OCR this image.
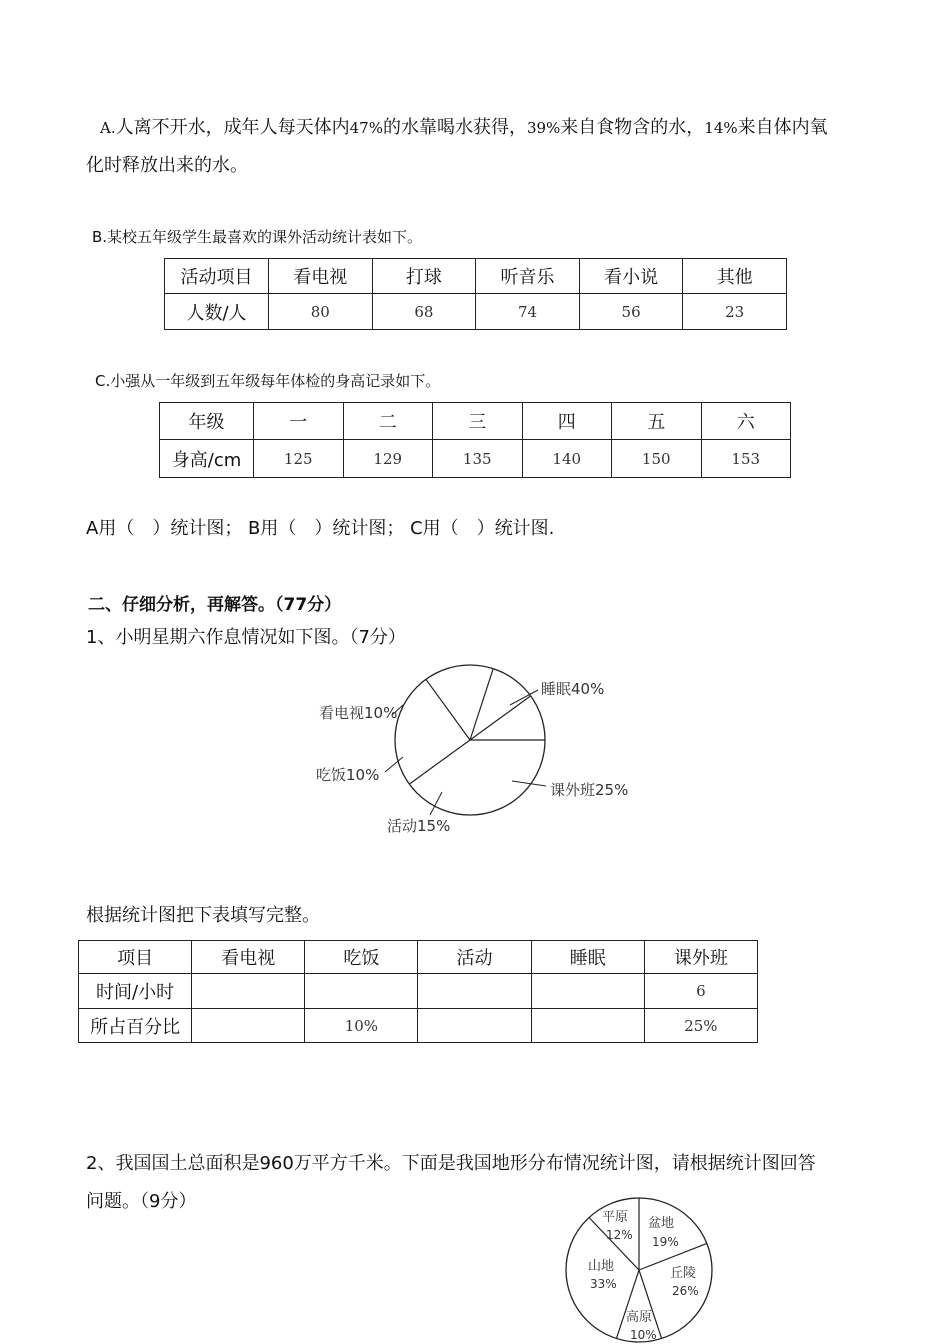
A.人离不开水，成年人每天体内47%的水靠喝水获得，39%来自食物含的水，14%来自体内氧
化时释放出来的水。
B.某校五年级学生最喜欢的课外活动统计表如下。
活动项目	看电视	打球	听音乐	看小说	其他
人数/人	80	68	74	56	23
C.小强从一年级到五年级每年体检的身高记录如下。
年级	一	二	三	四	五	六
身高/cm	125	129	135	140	150	153
A用（　）统计图； B用（　）统计图； C用（　）统计图.
二、仔细分析，再解答。（77分）
1、小明星期六作息情况如下图。（7分）
睡眠40%
课外班25%
活动15%
吃饭10%
看电视10%
根据统计图把下表填写完整。
项目	看电视	吃饭	活动	睡眠	课外班
时间/小时					6
所占百分比		10%			25%
2、我国国土总面积是960万平方千米。下面是我国地形分布情况统计图，请根据统计图回答
问题。（9分）
平原
12%
盆地
19%
山地
33%
丘陵
26%
高原
10%
